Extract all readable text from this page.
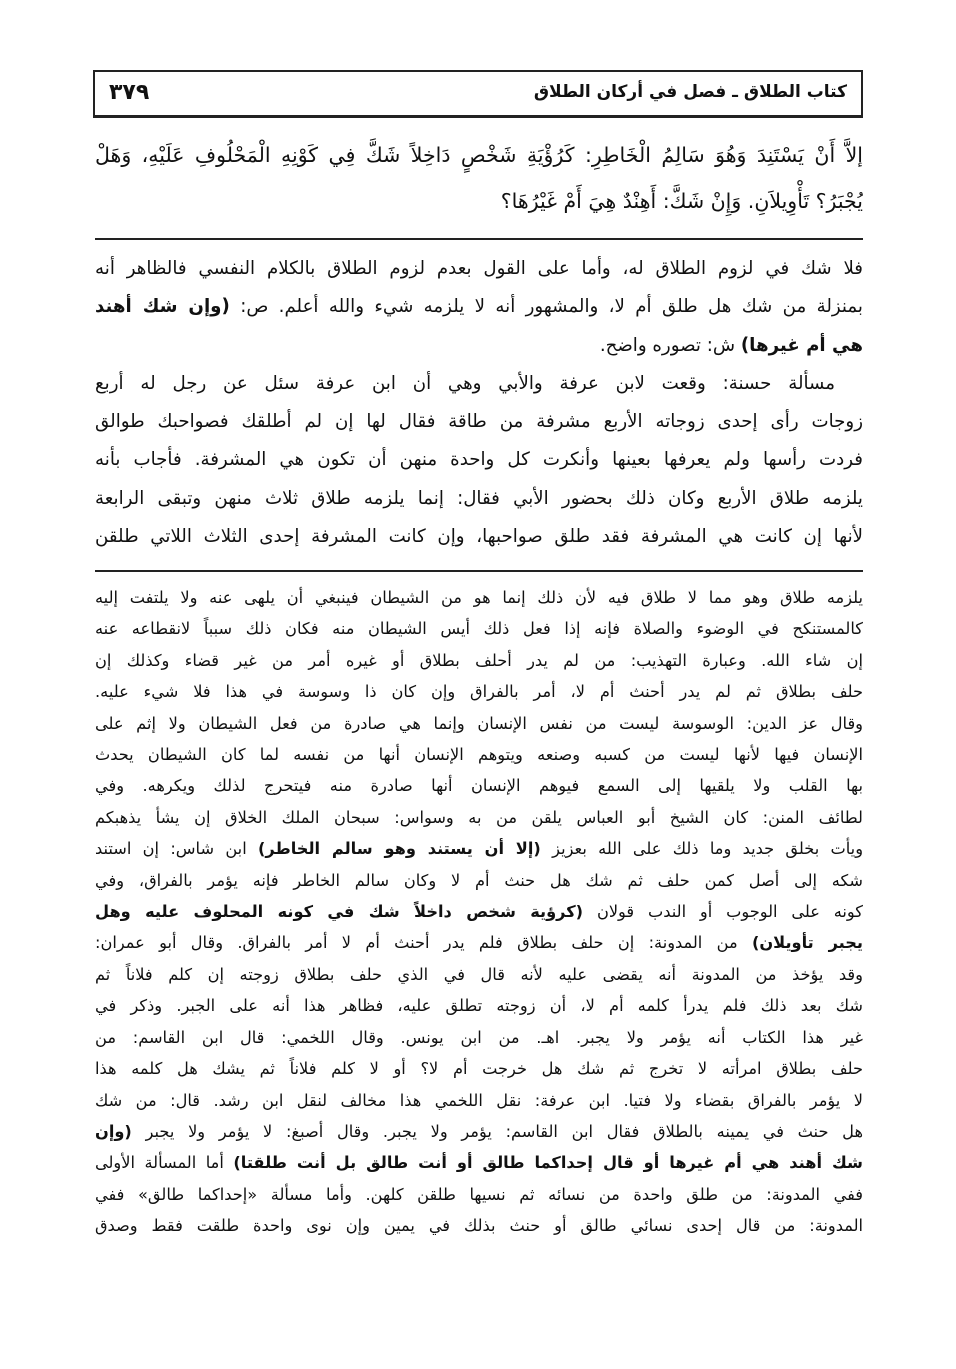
كتاب الطلاق ـ فصل في أركان الطلاق
٣٧٩
إلاَّ أَنْ يَسْتَنِدَ وَهُوَ سَالِمُ الْخَاطِرِ: كَرُؤْيَةِ شَخْصٍ دَاخِلاً شَكَّ فِي كَوْنِهِ الْمَحْلُوفِ عَلَيْهِ، وَهَلْ
يُجْبَرُ؟ تَأْوِيلاَنِ. وَإِنْ شَكَّ: أَهِنْدٌ هِيَ أَمْ غَيْرُهَا؟
فلا شك في لزوم الطلاق له، وأما على القول بعدم لزوم الطلاق بالكلام النفسي فالظاهر أنه
بمنزلة من شك هل طلق أم لا، والمشهور أنه لا يلزمه شيء والله أعلم. ص: (وإن شك أهند
هي أم غيرها) ش: تصوره واضح.
مسألة حسنة: وقعت لابن عرفة والأبي وهي أن ابن عرفة سئل عن رجل له أربع
زوجات رأى إحدى زوجاته الأربع مشرفة من طاقة فقال لها إن لم أطلقك فصواحبك طوالق
فردت رأسها ولم يعرفها بعينها وأنكرت كل واحدة منهن أن تكون هي المشرفة. فأجاب بأنه
يلزمه طلاق الأربع وكان ذلك بحضور الأبي فقال: إنما يلزمه طلاق ثلاث منهن وتبقى الرابعة
لأنها إن كانت هي المشرفة فقد طلق صواحبها، وإن كانت المشرفة إحدى الثلاث اللاتي طلقن
يلزمه طلاق وهو مما لا طلاق فيه لأن ذلك إنما هو من الشيطان فينبغي أن يلهى عنه ولا يلتفت إليه
كالمستنكح في الوضوء والصلاة فإنه إذا فعل ذلك أيس الشيطان منه فكان ذلك سبباً لانقطاعه عنه
إن شاء الله. وعبارة التهذيب: من لم يدر أحلف بطلاق أو غيره أمر من غير قضاء وكذلك إن
حلف بطلاق ثم لم يدر أحنث أم لا، أمر بالفراق وإن كان ذا وسوسة في هذا فلا شيء عليه.
وقال عز الدين: الوسوسة ليست من نفس الإنسان وإنما هي صادرة من فعل الشيطان ولا إثم على
الإنسان فيها لأنها ليست من كسبه وصنعه ويتوهم الإنسان أنها من نفسه لما كان الشيطان يحدث
بها القلب ولا يلقيها إلى السمع فيوهم الإنسان أنها صادرة منه فيتحرج لذلك ويكرهه. وفي
لطائف المنن: كان الشيخ أبو العباس يلقن من به وسواس: سبحان الملك الخلاق إن يشأ يذهبكم
ويأت بخلق جديد وما ذلك على الله بعزيز (إلا أن يستند وهو سالم الخاطر) ابن شاس: إن استند
شكه إلى أصل كمن حلف ثم شك هل حنث أم لا وكان سالم الخاطر فإنه يؤمر بالفراق، وفي
كونه على الوجوب أو الندب قولان (كرؤية شخص داخلاً شك في كونه المحلوف عليه وهل
يجبر تأويلان) من المدونة: إن حلف بطلاق فلم يدر أحنث أم لا أمر بالفراق. وقال أبو عمران:
وقد يؤخذ من المدونة أنه يقضى عليه لأنه قال في الذي حلف بطلاق زوجته إن كلم فلاناً ثم
شك بعد ذلك فلم يدرأ كلمه أم لا، أن زوجته تطلق عليه، فظاهر هذا أنه على الجبر. وذكر في
غير هذا الكتاب أنه يؤمر ولا يجبر. اهـ. من ابن يونس. وقال اللخمي: قال ابن القاسم: من
حلف بطلاق امرأته لا تخرج ثم شك هل خرجت أم لا؟ أو لا كلم فلاناً ثم يشك هل كلمه هذا
لا يؤمر بالفراق بقضاء ولا فتيا. ابن عرفة: نقل اللخمي هذا مخالف لنقل ابن رشد. قال: من شك
هل حنث في يمينه بالطلاق فقال ابن القاسم: يؤمر ولا يجبر. وقال أصبغ: لا يؤمر ولا يجبر (وإن
شك أهند هي أم غيرها أو قال إحداكما طالق أو أنت طالق بل أنت طلقتا) أما المسألة الأولى
ففي المدونة: من طلق واحدة من نسائه ثم نسيها طلقن كلهن. وأما مسألة «إحداكما طالق» ففي
المدونة: من قال إحدى نسائي طالق أو حنث بذلك في يمين وإن نوى واحدة طلقت فقط وصدق
